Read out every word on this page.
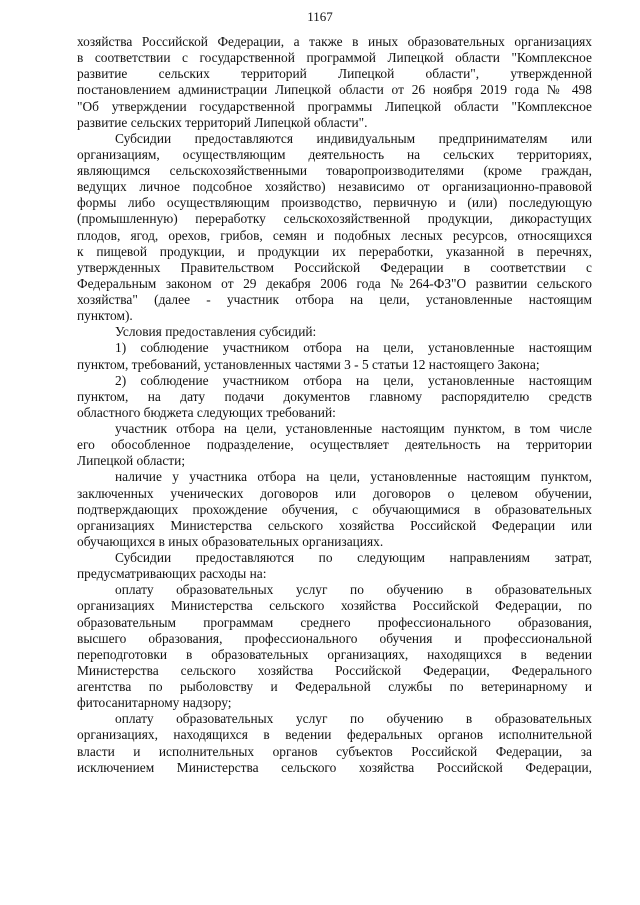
1167

хозяйства Российской Федерации, а также в иных образовательных организациях
в соответствии с государственной программой Липецкой области "Комплексное
развитие сельских территорий Липецкой области", утвержденной
постановлением администрации Липецкой области от 26 ноября 2019 года № 498
"Об утверждении государственной программы Липецкой области "Комплексное
развитие сельских территорий Липецкой области".

Субсидии предоставляются индивидуальным предпринимателям или
организациям, осуществляющим деятельность на сельских территориях,
являющимся сельскохозяйственными товаропроизводителями (кроме граждан,
ведущих личное подсобное хозяйство) независимо от организационно-правовой
формы либо осуществляющим производство, первичную и (или) последующую
(промышленную) переработку сельскохозяйственной продукции, дикорастущих
плодов, ягод, орехов, грибов, семян и подобных лесных ресурсов, относящихся
к пищевой продукции, и продукции их переработки, указанной в перечнях,
утвержденных Правительством Российской Федерации в соответствии с
Федеральным законом от 29 декабря 2006 года №264-ФЗ"О развитии сельского
хозяйства" (далее - участник отбора на цели, установленные настоящим
пунктом).

Условия предоставления субсидий:

1) соблюдение участником отбора на цели, установленные настоящим
пунктом, требований, установленных частями 3 - 5 статьи 12 настоящего Закона;

2) соблюдение участником отбора на цели, установленные настоящим
пунктом, на дату подачи документов главному распорядителю средств
областного бюджета следующих требований:

участник отбора на цели, установленные настоящим пунктом, в том числе
его обособленное подразделение, осуществляет деятельность на территории
Липецкой области;

наличие у участника отбора на цели, установленные настоящим пунктом,
заключенных ученических договоров или договоров о целевом обучении,
подтверждающих прохождение обучения, с обучающимися в образовательных
организациях Министерства сельского хозяйства Российской Федерации или
обучающихся в иных образовательных организациях.

Субсидии предоставляются по следующим направлениям затрат,
предусматривающих расходы на:

оплату образовательных услуг по обучению в образовательных
организациях Министерства сельского хозяйства Российской Федерации, по
образовательным программам среднего профессионального образования,
высшего образования, профессионального обучения и профессиональной
переподготовки в образовательных организациях, находящихся в ведении
Министерства сельского хозяйства Российской Федерации, Федерального
агентства по рыболовству и Федеральной службы по ветеринарному и
фитосанитарному надзору;

оплату образовательных услуг по обучению в образовательных
организациях, находящихся в ведении федеральных органов исполнительной
власти и исполнительных органов субъектов Российской Федерации, за
исключением Министерства сельского хозяйства Российской Федерации,
